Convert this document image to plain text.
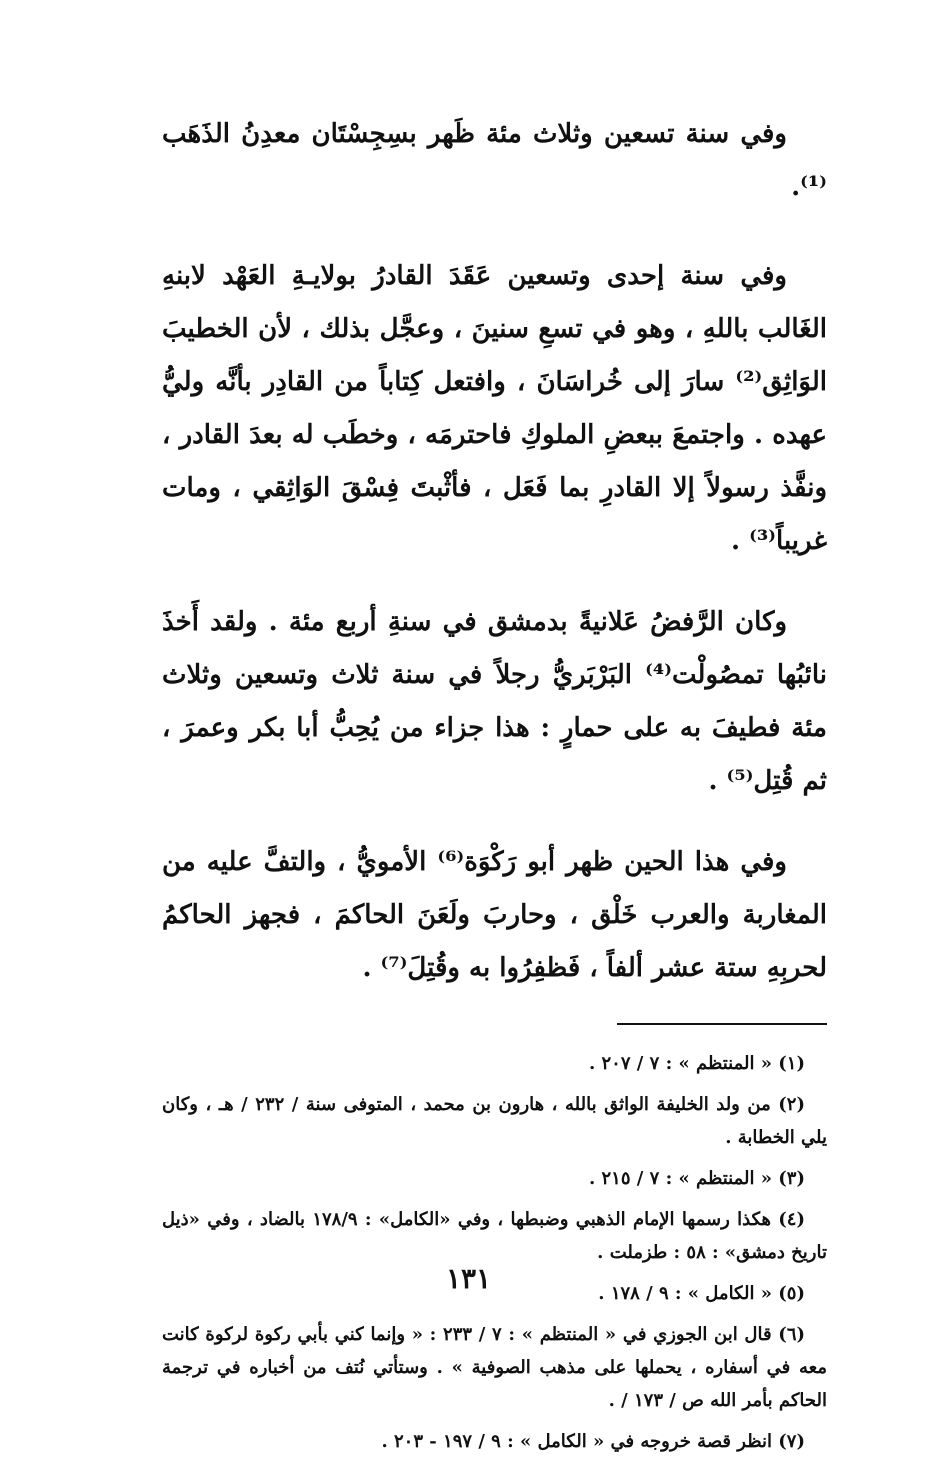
وفي سنة تسعين وثلاث مئة ظَهر بسِجِسْتَان معدِنُ الذَهَب ⁽¹⁾.

وفي سنة إحدى وتسعين عَقَدَ القادرُ بولايـةِ العَهْد لابنهِ الغَالب باللهِ ، وهو في تسعِ سنينَ ، وعجَّل بذلك ، لأن الخطيبَ الوَاثِق⁽²⁾ سارَ إلى خُراسَانَ ، وافتعل كِتاباً من القادِر بأنَّه وليُّ عهده . واجتمعَ ببعضِ الملوكِ فاحترمَه ، وخطَب له بعدَ القادر ، ونفَّذ رسولاً إلا القادرِ بما فَعَل ، فأثْبتَ فِسْقَ الوَاثِقي ، ومات غريباً⁽³⁾ .

وكان الرَّفضُ عَلانيةً بدمشق في سنةِ أربع مئة . ولقد أَخذَ نائبُها تمصُولْت⁽⁴⁾ البَرْبَريُّ رجلاً في سنة ثلاث وتسعين وثلاث مئة فطيفَ به على حمارٍ : هذا جزاء من يُحِبُّ أبا بكر وعمرَ ، ثم قُتِل⁽⁵⁾ .

وفي هذا الحين ظهر أبو رَكْوَة⁽⁶⁾ الأمويُّ ، والتفَّ عليه من المغاربة والعرب خَلْق ، وحاربَ ولَعَنَ الحاكمَ ، فجهز الحاكمُ لحربِهِ ستة عشر ألفاً ، فَظفِرُوا به وقُتِلَ⁽⁷⁾ .

(١) « المنتظم » : ٧ / ٢٠٧ .

(٢) من ولد الخليفة الواثق بالله ، هارون بن محمد ، المتوفى سنة / ٢٣٢ / هـ ، وكان يلي الخطابة .

(٣) « المنتظم » : ٧ / ٢١٥ .

(٤) هكذا رسمها الإمام الذهبي وضبطها ، وفي «الكامل» : ١٧٨/٩ بالضاد ، وفي «ذيل تاريخ دمشق» : ٥٨ : طزملت .

(٥) « الكامل » : ٩ / ١٧٨ .

(٦) قال ابن الجوزي في « المنتظم » : ٧ / ٢٣٣ : « وإنما كني بأبي ركوة لركوة كانت معه في أسفاره ، يحملها على مذهب الصوفية » . وستأتي نُتف من أخباره في ترجمة الحاكم بأمر الله ص / ١٧٣ / .

(٧) انظر قصة خروجه في « الكامل » : ٩ / ١٩٧ - ٢٠٣ .

١٣١
